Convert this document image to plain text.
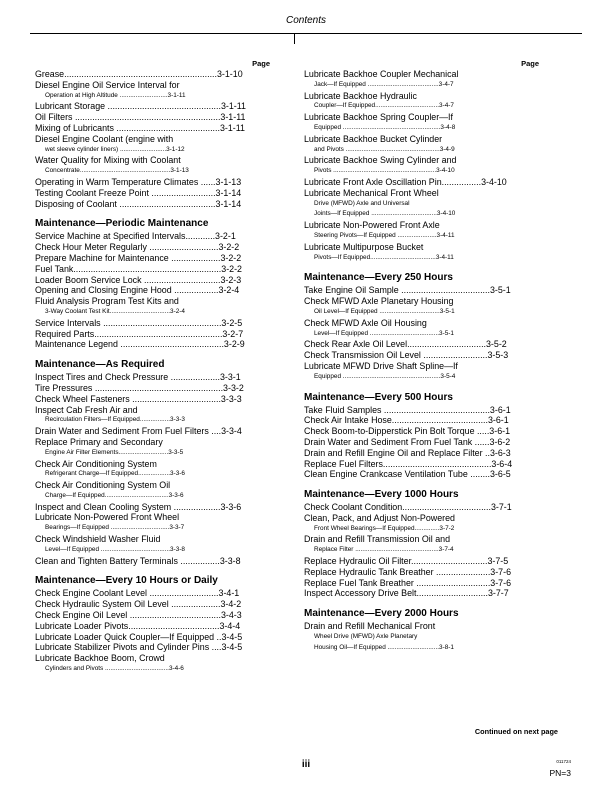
Contents
Page
Grease..............................................................3-1-10
Diesel Engine Oil Service Interval for
Operation at High Altitude ...........................3-1-11
Lubricant Storage ..............................................3-1-11
Oil Filters ...........................................................3-1-11
Mixing of Lubricants ..........................................3-1-11
Diesel Engine Coolant (engine with
wet sleeve cylinder liners) ..........................3-1-12
Water Quality for Mixing with Coolant
Concentrate...................................................3-1-13
Operating in Warm Temperature Climates ......3-1-13
Testing Coolant Freeze Point ..........................3-1-14
Disposing of Coolant .......................................3-1-14
Maintenance—Periodic Maintenance
Service Machine at Specified Intervals............3-2-1
Check Hour Meter Regularly ............................3-2-2
Prepare Machine for Maintenance ....................3-2-2
Fuel Tank............................................................3-2-2
Loader Boom Service Lock ...............................3-2-3
Opening and Closing Engine Hood ..................3-2-4
Fluid Analysis Program Test Kits and
3-Way Coolant Test Kit..................................3-2-4
Service Intervals ................................................3-2-5
Required Parts....................................................3-2-7
Maintenance Legend ..........................................3-2-9
Maintenance—As Required
Inspect Tires and Check Pressure ....................3-3-1
Tire Pressures ....................................................3-3-2
Check Wheel Fasteners ....................................3-3-3
Inspect Cab Fresh Air and
Recirculation Filters—If Equipped.................3-3-3
Drain Water and Sediment From Fuel Filters ....3-3-4
Replace Primary and Secondary
Engine Air Filter Elements............................3-3-5
Check Air Conditioning System
Refrigerant Charge—If Equipped..................3-3-6
Check Air Conditioning System Oil
Charge—If Equipped....................................3-3-6
Inspect and Clean Cooling System ...................3-3-6
Lubricate Non-Powered Front Wheel
Bearings—If Equipped .................................3-3-7
Check Windshield Washer Fluid
Level—If Equipped .......................................3-3-8
Clean and Tighten Battery Terminals ................3-3-8
Maintenance—Every 10 Hours or Daily
Check Engine Coolant Level ............................3-4-1
Check Hydraulic System Oil Level ....................3-4-2
Check Engine Oil Level .....................................3-4-3
Lubricate Loader Pivots.....................................3-4-4
Lubricate Loader Quick Coupler—If Equipped ..3-4-5
Lubricate Stabilizer Pivots and Cylinder Pins ....3-4-5
Lubricate Backhoe Boom, Crowd
Cylinders and Pivots ....................................3-4-6
Page
Lubricate Backhoe Coupler Mechanical
Jack—If Equipped ........................................3-4-7
Lubricate Backhoe Hydraulic
Coupler—If Equipped....................................3-4-7
Lubricate Backhoe Spring Coupler—If
Equipped .......................................................3-4-8
Lubricate Backhoe Bucket Cylinder
and Pivots .....................................................3-4-9
Lubricate Backhoe Swing Cylinder and
Pivots ..........................................................3-4-10
Lubricate Front Axle Oscillation Pin................3-4-10
Lubricate Mechanical Front Wheel
Drive (MFWD) Axle and Universal
Joints—If Equipped .....................................3-4-10
Lubricate Non-Powered Front Axle
Steering Pivots—If Equipped ......................3-4-11
Lubricate Multipurpose Bucket
Pivots—If Equipped.....................................3-4-11
Maintenance—Every 250 Hours
Take Engine Oil Sample ....................................3-5-1
Check MFWD Axle Planetary Housing
Oil Level—If Equipped ..................................3-5-1
Check MFWD Axle Oil Housing
Level—If Equipped .......................................3-5-1
Check Rear Axle Oil Level................................3-5-2
Check Transmission Oil Level ..........................3-5-3
Lubricate MFWD Drive Shaft Spline—If
Equipped .......................................................3-5-4
Maintenance—Every 500 Hours
Take Fluid Samples ...........................................3-6-1
Check Air Intake Hose.......................................3-6-1
Check Boom-to-Dipperstick Pin Bolt Torque .....3-6-1
Drain Water and Sediment From Fuel Tank ......3-6-2
Drain and Refill Engine Oil and Replace Filter ..3-6-3
Replace Fuel Filters............................................3-6-4
Clean Engine Crankcase Ventilation Tube ........3-6-5
Maintenance—Every 1000 Hours
Check Coolant Condition....................................3-7-1
Clean, Pack, and Adjust Non-Powered
Front Wheel Bearings—If Equipped..............3-7-2
Drain and Refill Transmission Oil and
Replace Filter ...............................................3-7-4
Replace Hydraulic Oil Filter...............................3-7-5
Replace Hydraulic Tank Breather ......................3-7-6
Replace Fuel Tank Breather ..............................3-7-6
Inspect Accessory Drive Belt.............................3-7-7
Maintenance—Every 2000 Hours
Drain and Refill Mechanical Front
Wheel Drive (MFWD) Axle Planetary
Housing Oil—If Equipped .............................3-8-1
Continued on next page
iii	011724
PN=3
